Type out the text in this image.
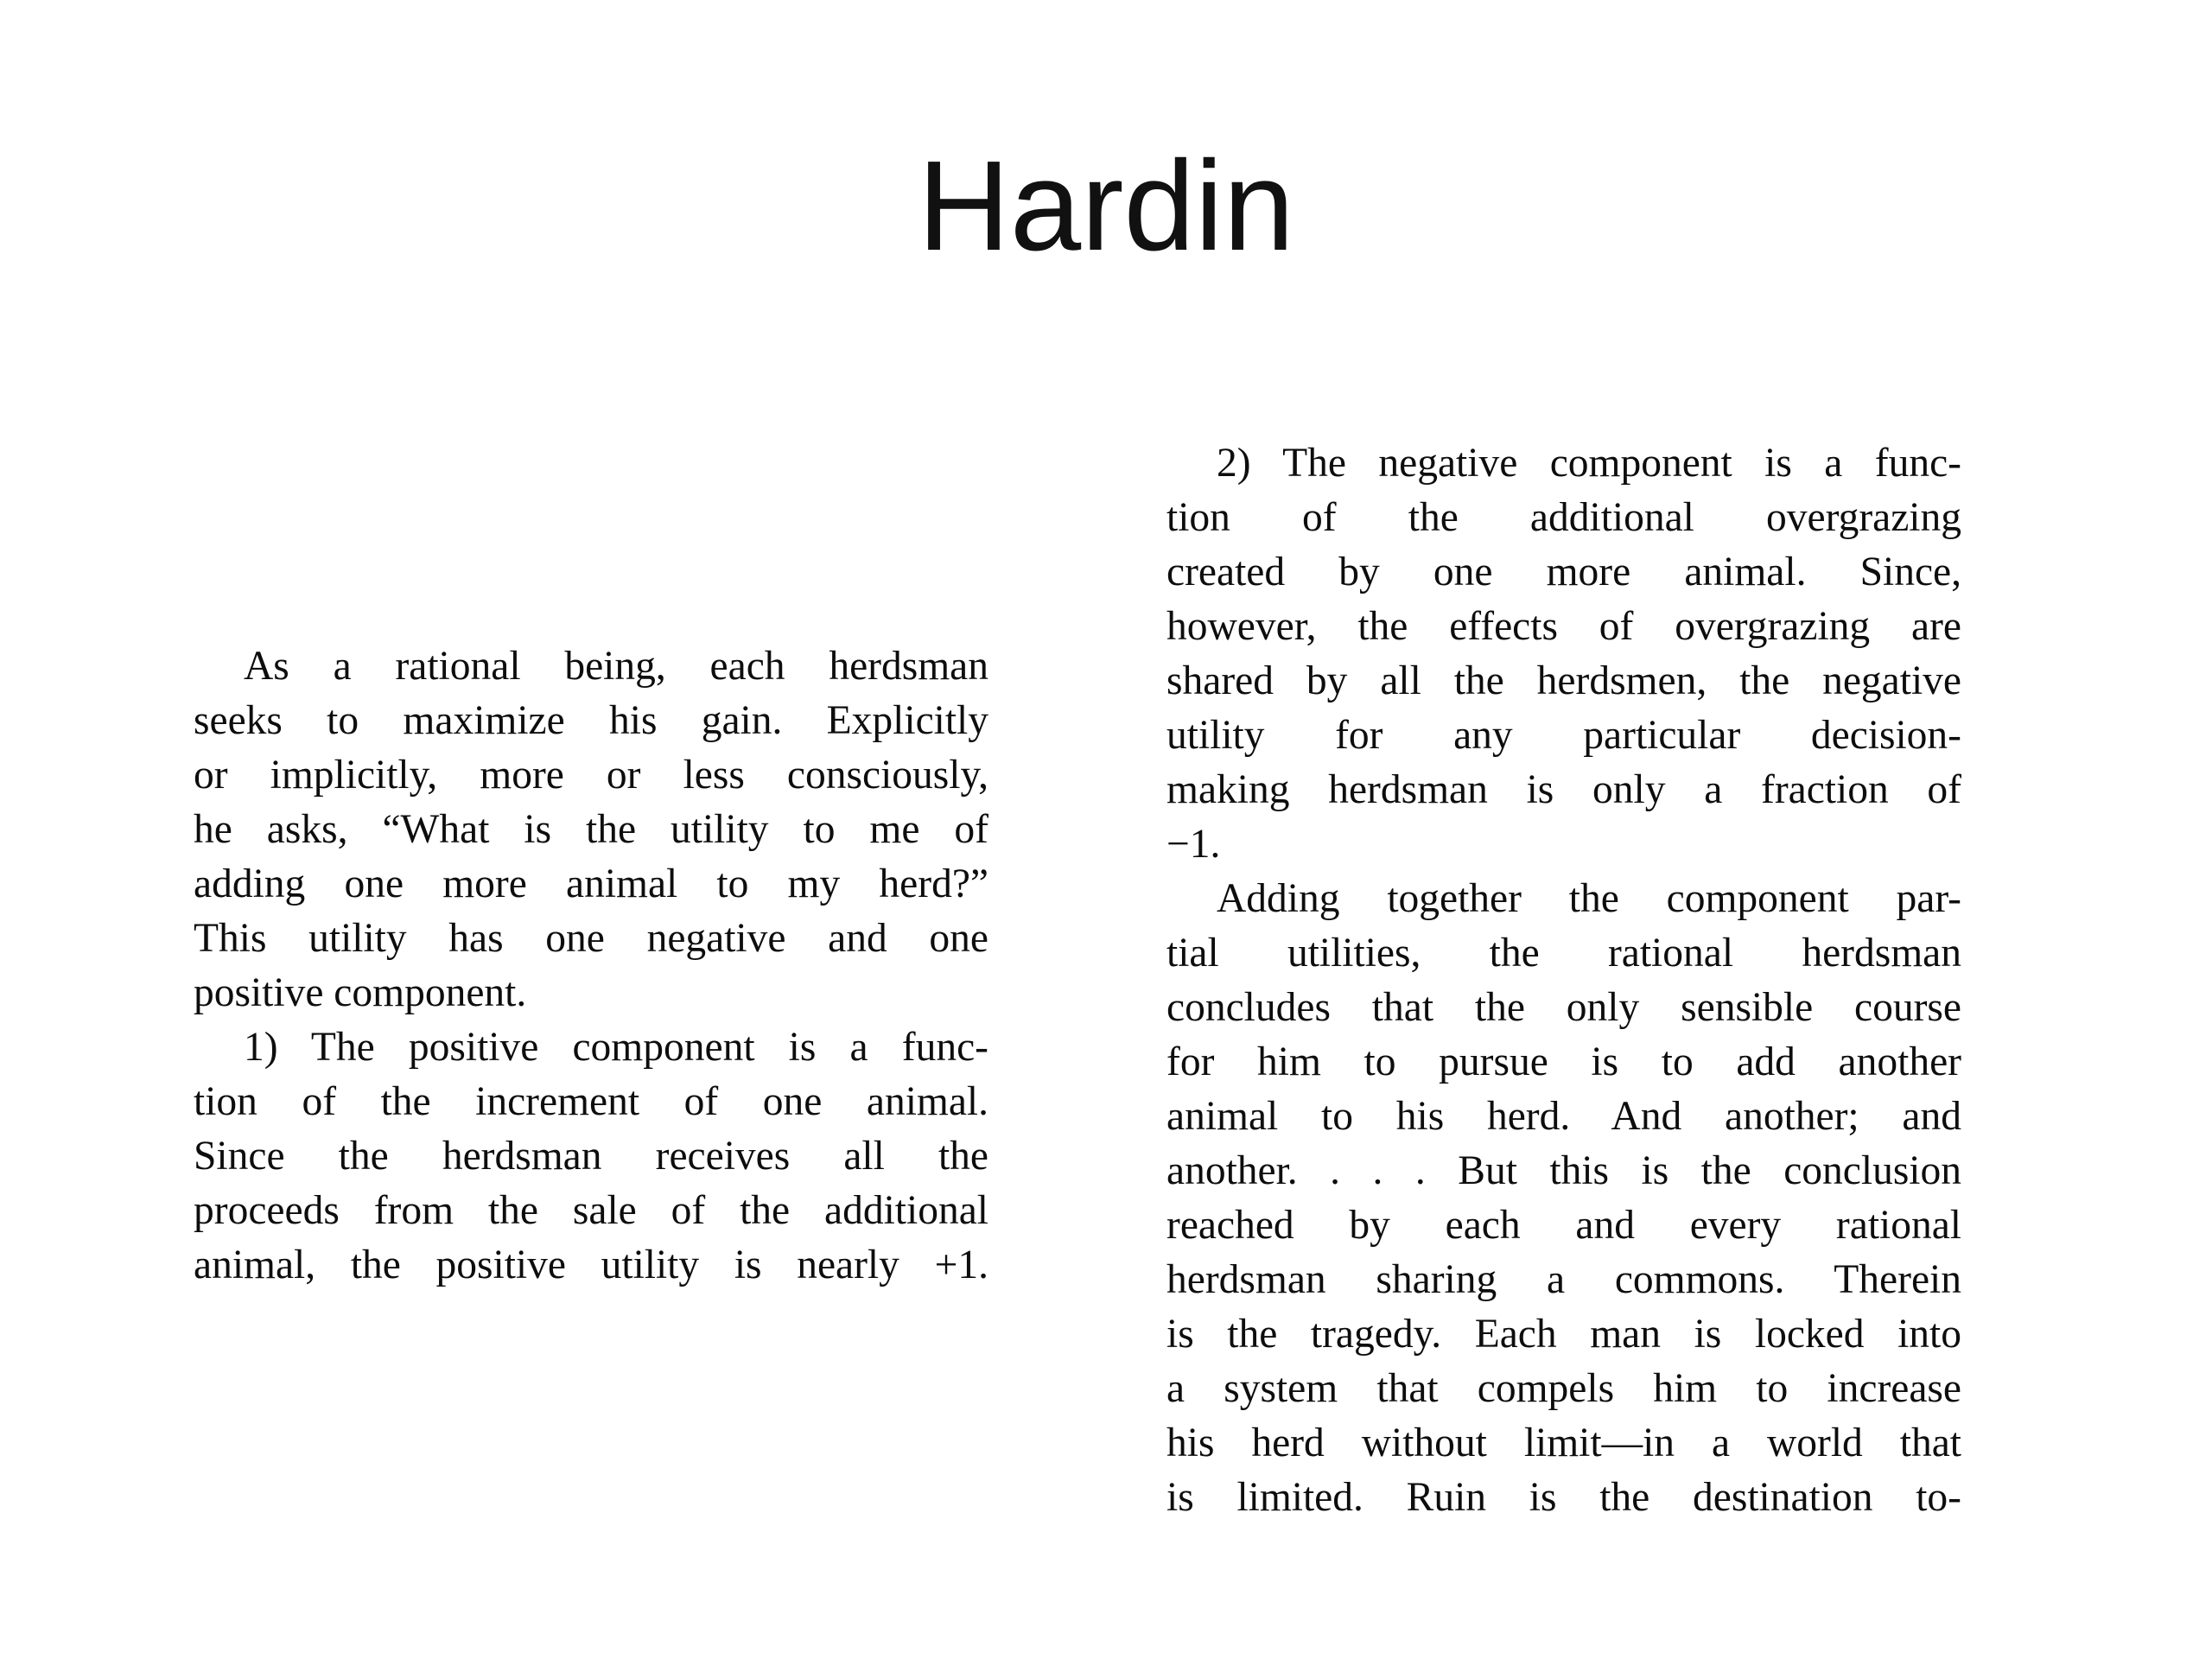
Hardin
As a rational being, each herdsman
seeks to maximize his gain. Explicitly
or implicitly, more or less consciously,
he asks, “What is the utility to me of
adding one more animal to my herd?”
This utility has one negative and one
positive component.
1) The positive component is a func-
tion of the increment of one animal.
Since the herdsman receives all the
proceeds from the sale of the additional
animal, the positive utility is nearly +1.
2) The negative component is a func-
tion of the additional overgrazing
created by one more animal. Since,
however, the effects of overgrazing are
shared by all the herdsmen, the negative
utility for any particular decision-
making herdsman is only a fraction of
−1.
Adding together the component par-
tial utilities, the rational herdsman
concludes that the only sensible course
for him to pursue is to add another
animal to his herd. And another; and
another. . . . But this is the conclusion
reached by each and every rational
herdsman sharing a commons. Therein
is the tragedy. Each man is locked into
a system that compels him to increase
his herd without limit—in a world that
is limited. Ruin is the destination to-
